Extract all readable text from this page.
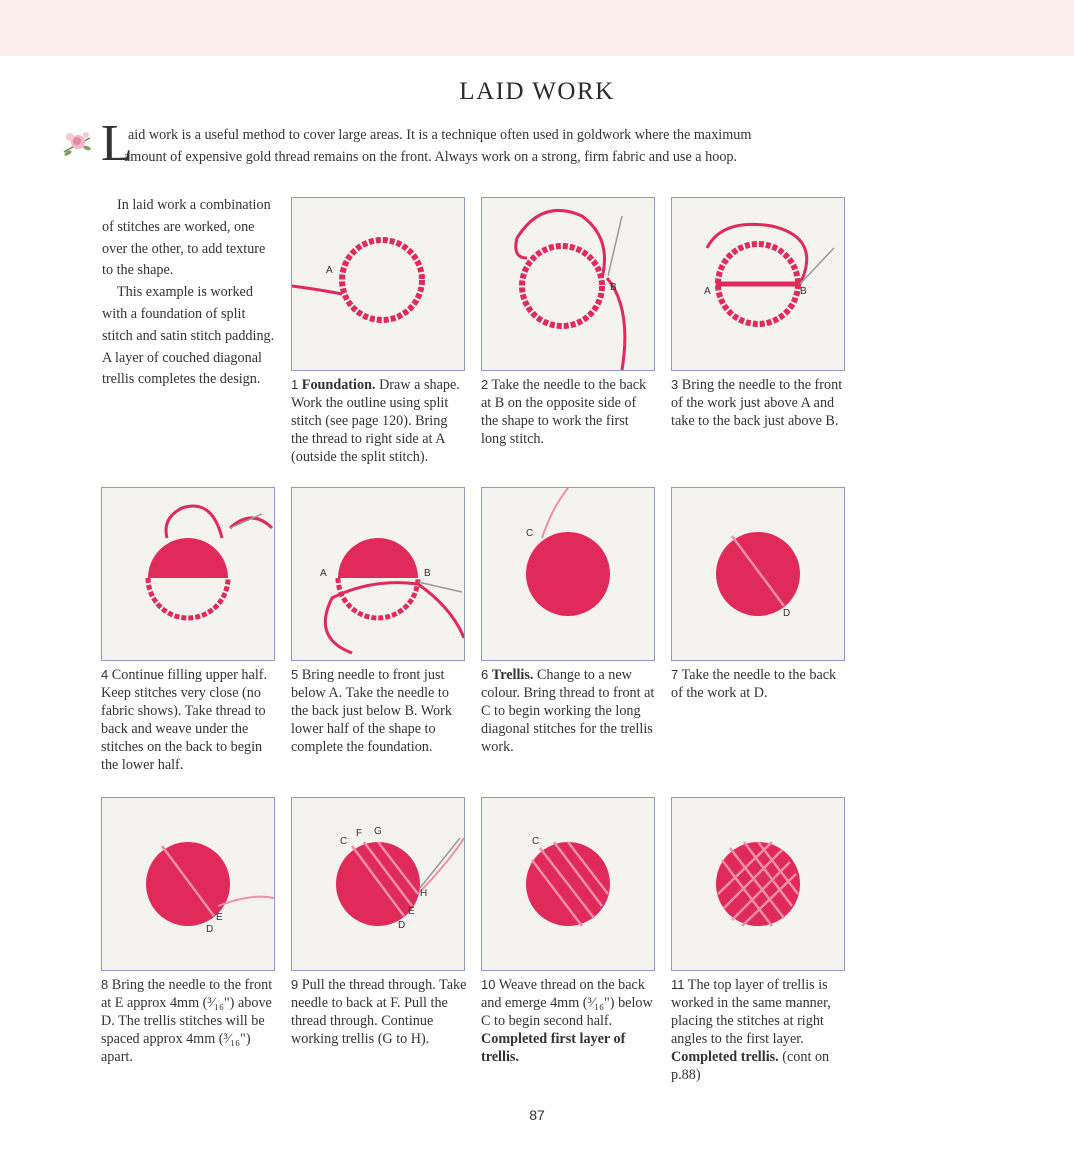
LAID WORK
L
aid work is a useful method to cover large areas. It is a technique often used in goldwork where the maximum
amount of expensive gold thread remains on the front. Always work on a strong, firm fabric and use a hoop.

In laid work a combination of stitches are worked, one over the other, to add texture to the shape.

This example is worked with a foundation of split stitch and satin stitch padding. A layer of couched diagonal trellis completes the design.

A
B	A	B
A	B
C
D
E
D
C
F G
H
E
D
C
1 Foundation. Draw a shape. Work the outline using split stitch (see page 120). Bring the thread to right side at A (outside the split stitch).
2 Take the needle to the back at B on the opposite side of the shape to work the first long stitch.
3 Bring the needle to the front of the work just above A and take to the back just above B.
4 Continue filling upper half. Keep stitches very close (no fabric shows). Take thread to back and weave under the stitches on the back to begin the lower half.
5 Bring needle to front just below A. Take the needle to the back just below B. Work lower half of the shape to complete the foundation.
6 Trellis. Change to a new colour. Bring thread to front at C to begin working the long diagonal stitches for the trellis work.
7 Take the needle to the back of the work at D.
8 Bring the needle to the front at E approx 4mm (³⁄₁₆") above D. The trellis stitches will be spaced approx 4mm (³⁄₁₆") apart.
9 Pull the thread through. Take needle to back at F. Pull the thread through. Continue working trellis (G to H).
10 Weave thread on the back and emerge 4mm (³⁄₁₆") below C to begin second half. Completed first layer of trellis.
11 The top layer of trellis is worked in the same manner, placing the stitches at right angles to the first layer. Completed trellis. (cont on p.88)
87
